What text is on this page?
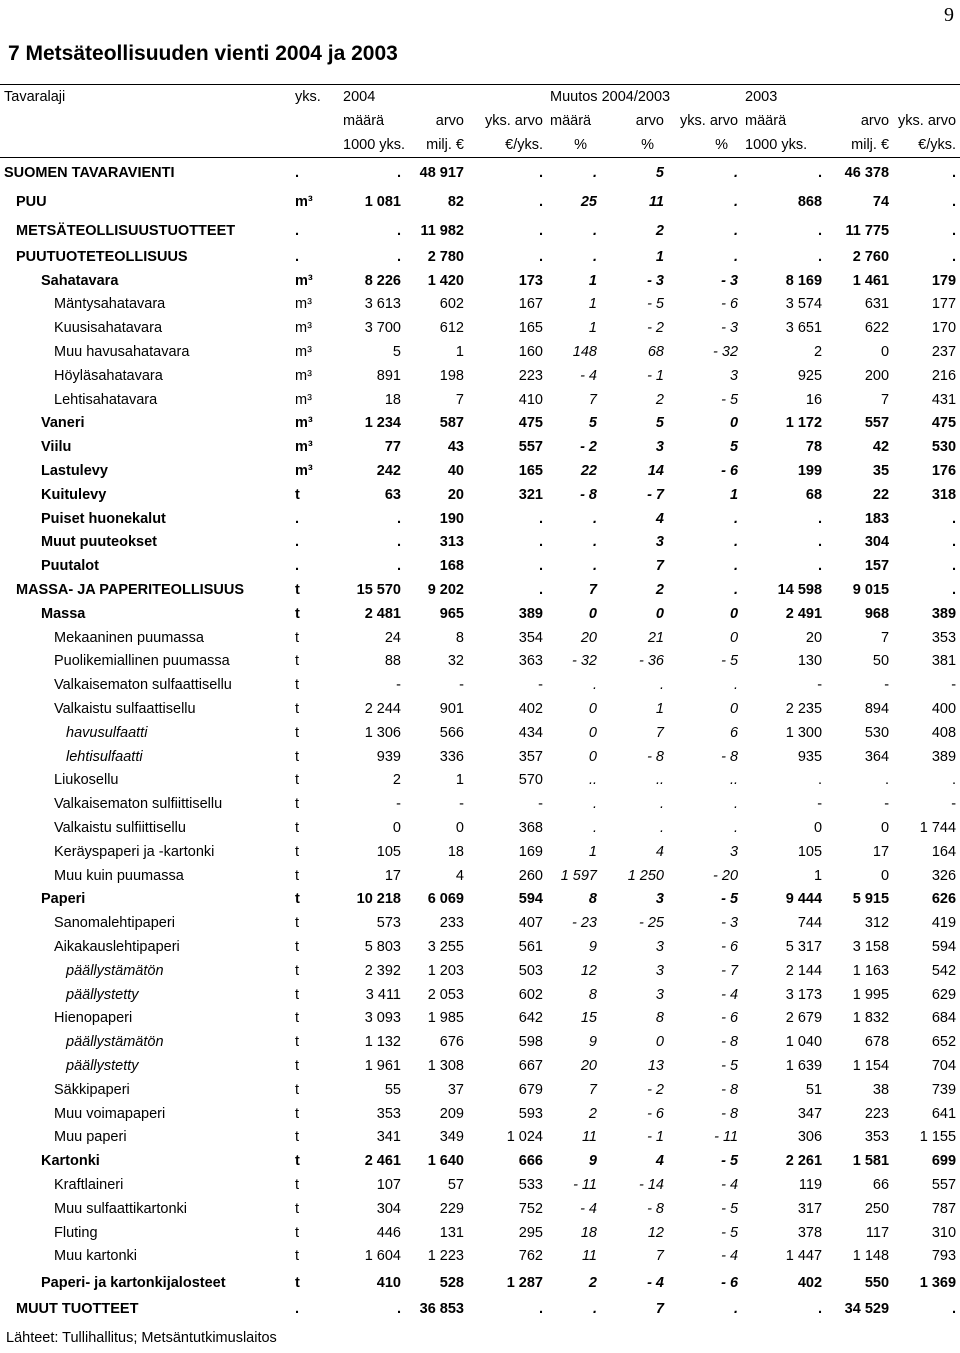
9
7 Metsäteollisuuden vienti 2004 ja 2003
Tavaralaji	yks.	2004			Muutos 2004/2003			2003		
		määrä	arvo	yks. arvo	määrä	arvo	yks. arvo	määrä	arvo	yks. arvo
		1000 yks.	milj. €	€/yks.	%	%	%	1000 yks.	milj. €	€/yks.
SUOMEN TAVARAVIENTI	.	.	48 917	.	.	5	.	.	46 378	.
PUU	m³	1 081	82	.	25	11	.	868	74	.
METSÄTEOLLISUUSTUOTTEET	.	.	11 982	.	.	2	.	.	11 775	.
PUUTUOTETEOLLISUUS	.	.	2 780	.	.	1	.	.	2 760	.
Sahatavara	m³	8 226	1 420	173	1	- 3	- 3	8 169	1 461	179
Mäntysahatavara	m³	3 613	602	167	1	- 5	- 6	3 574	631	177
Kuusisahatavara	m³	3 700	612	165	1	- 2	- 3	3 651	622	170
Muu havusahatavara	m³	5	1	160	148	68	- 32	2	0	237
Höyläsahatavara	m³	891	198	223	- 4	- 1	3	925	200	216
Lehtisahatavara	m³	18	7	410	7	2	- 5	16	7	431
Vaneri	m³	1 234	587	475	5	5	0	1 172	557	475
Viilu	m³	77	43	557	- 2	3	5	78	42	530
Lastulevy	m³	242	40	165	22	14	- 6	199	35	176
Kuitulevy	t	63	20	321	- 8	- 7	1	68	22	318
Puiset huonekalut	.	.	190	.	.	4	.	.	183	.
Muut puuteokset	.	.	313	.	.	3	.	.	304	.
Puutalot	.	.	168	.	.	7	.	.	157	.
MASSA- JA PAPERITEOLLISUUS	t	15 570	9 202	.	7	2	.	14 598	9 015	.
Massa	t	2 481	965	389	0	0	0	2 491	968	389
Mekaaninen puumassa	t	24	8	354	20	21	0	20	7	353
Puolikemiallinen puumassa	t	88	32	363	- 32	- 36	- 5	130	50	381
Valkaisematon sulfaattisellu	t	-	-	-	.	.	.	-	-	-
Valkaistu sulfaattisellu	t	2 244	901	402	0	1	0	2 235	894	400
havusulfaatti	t	1 306	566	434	0	7	6	1 300	530	408
lehtisulfaatti	t	939	336	357	0	- 8	- 8	935	364	389
Liukosellu	t	2	1	570	..	..	..	.	.	.
Valkaisematon sulfiittisellu	t	-	-	-	.	.	.	-	-	-
Valkaistu sulfiittisellu	t	0	0	368	.	.	.	0	0	1 744
Keräyspaperi ja -kartonki	t	105	18	169	1	4	3	105	17	164
Muu kuin puumassa	t	17	4	260	1 597	1 250	- 20	1	0	326
Paperi	t	10 218	6 069	594	8	3	- 5	9 444	5 915	626
Sanomalehtipaperi	t	573	233	407	- 23	- 25	- 3	744	312	419
Aikakauslehtipaperi	t	5 803	3 255	561	9	3	- 6	5 317	3 158	594
päällystämätön	t	2 392	1 203	503	12	3	- 7	2 144	1 163	542
päällystetty	t	3 411	2 053	602	8	3	- 4	3 173	1 995	629
Hienopaperi	t	3 093	1 985	642	15	8	- 6	2 679	1 832	684
päällystämätön	t	1 132	676	598	9	0	- 8	1 040	678	652
päällystetty	t	1 961	1 308	667	20	13	- 5	1 639	1 154	704
Säkkipaperi	t	55	37	679	7	- 2	- 8	51	38	739
Muu voimapaperi	t	353	209	593	2	- 6	- 8	347	223	641
Muu paperi	t	341	349	1 024	11	- 1	- 11	306	353	1 155
Kartonki	t	2 461	1 640	666	9	4	- 5	2 261	1 581	699
Kraftlaineri	t	107	57	533	- 11	- 14	- 4	119	66	557
Muu sulfaattikartonki	t	304	229	752	- 4	- 8	- 5	317	250	787
Fluting	t	446	131	295	18	12	- 5	378	117	310
Muu kartonki	t	1 604	1 223	762	11	7	- 4	1 447	1 148	793
Paperi- ja kartonkijalosteet	t	410	528	1 287	2	- 4	- 6	402	550	1 369
MUUT TUOTTEET	.	.	36 853	.	.	7	.	.	34 529	.
Lähteet: Tullihallitus; Metsäntutkimuslaitos
